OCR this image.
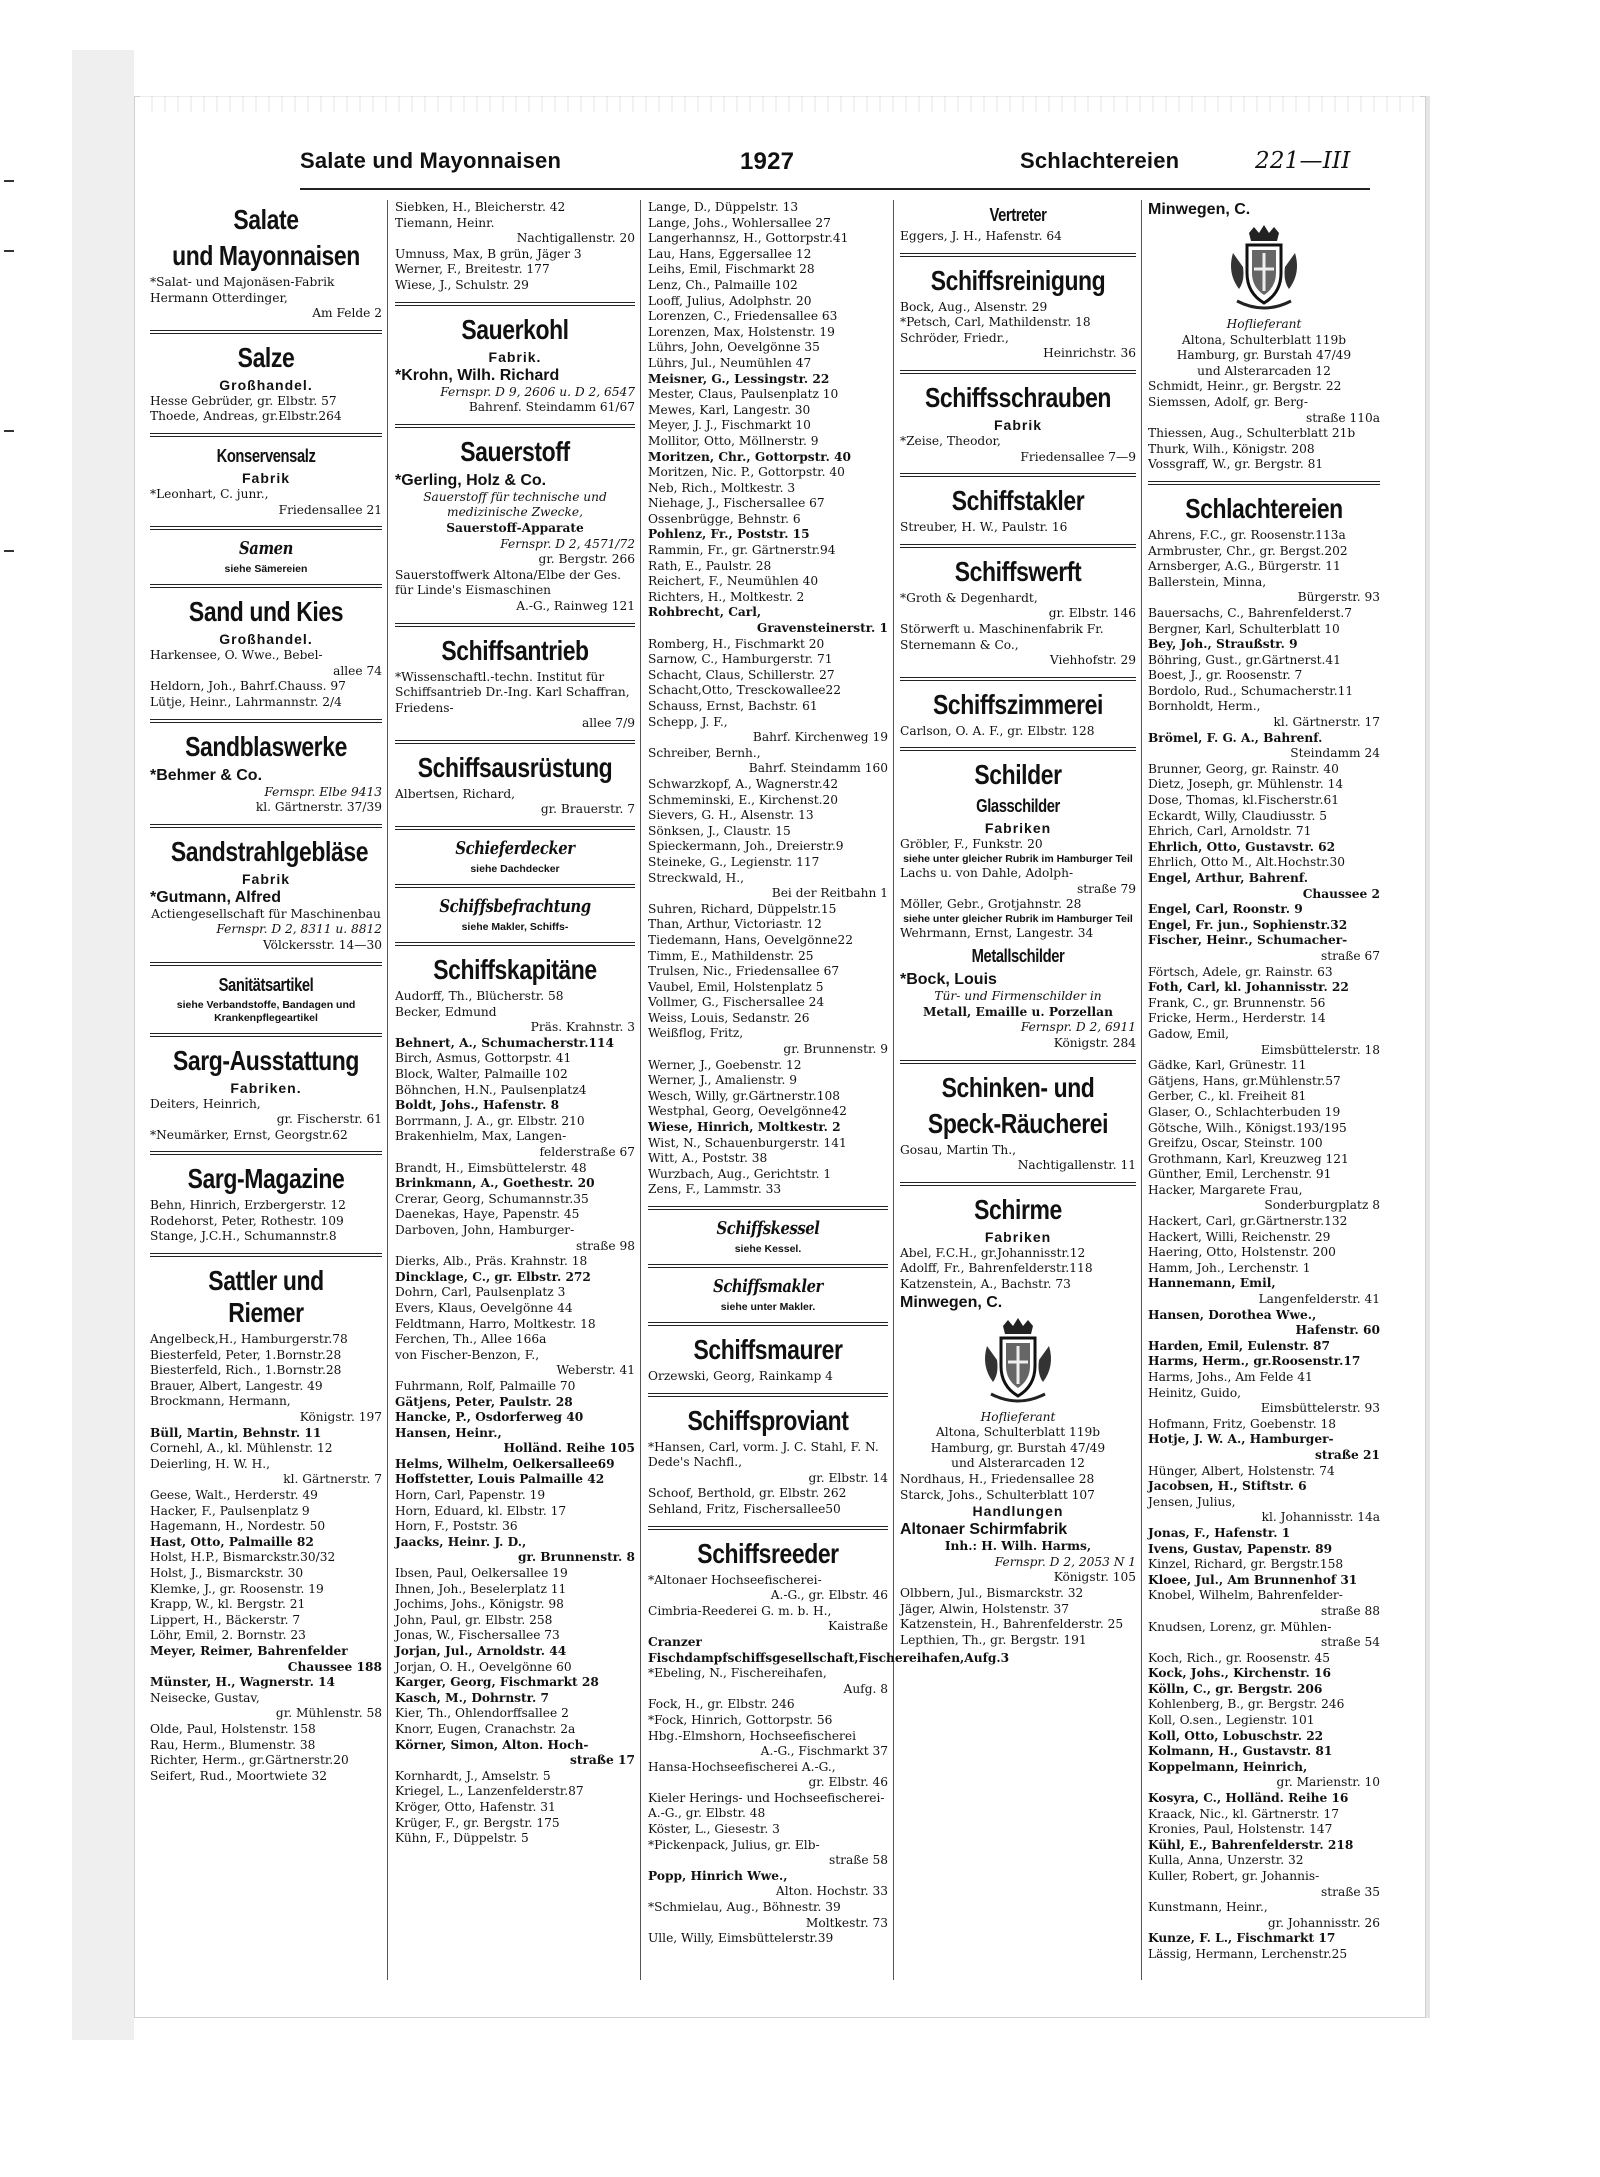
Salate und Mayonnaisen	1927	Schlachtereien	221—III
Salate
und Mayonnaisen
*Salat- und Majonäsen-Fabrik Hermann Otterdinger,
Am Felde 2
Salze
Großhandel.
Hesse Gebrüder, gr. Elbstr. 57
Thoede, Andreas, gr.Elbstr.264
Konservensalz
Fabrik
*Leonhart, C. junr.,
Friedensallee 21
Samen
siehe Sämereien
Sand und Kies
Großhandel.
Harkensee, O. Wwe., Bebel-
allee 74
Heldorn, Joh., Bahrf.Chauss. 97
Lütje, Heinr., Lahrmannstr. 2/4
Sandblaswerke
*Behmer & Co.
Fernspr. Elbe 9413
kl. Gärtnerstr. 37/39
Sandstrahlgebläse
Fabrik
*Gutmann, Alfred
Actiengesellschaft für Maschinenbau
Fernspr. D 2, 8311 u. 8812
Völckersstr. 14—30
Sanitätsartikel
siehe Verbandstoffe, Bandagen und Krankenpflegeartikel
Sarg-Ausstattung
Fabriken.
Deiters, Heinrich,
gr. Fischerstr. 61
*Neumärker, Ernst, Georgstr.62
Sarg-Magazine
Behn, Hinrich, Erzbergerstr. 12
Rodehorst, Peter, Rothestr. 109
Stange, J.C.H., Schumannstr.8
Sattler und Riemer
Angelbeck,H., Hamburgerstr.78
Biesterfeld, Peter, 1.Bornstr.28
Biesterfeld, Rich., 1.Bornstr.28
Brauer, Albert, Langestr. 49
Brockmann, Hermann,
Königstr. 197
Büll, Martin, Behnstr. 11
Cornehl, A., kl. Mühlenstr. 12
Deierling, H. W. H.,
kl. Gärtnerstr. 7
Geese, Walt., Herderstr. 49
Hacker, F., Paulsenplatz 9
Hagemann, H., Nordestr. 50
Hast, Otto, Palmaille 82
Holst, H.P., Bismarckstr.30/32
Holst, J., Bismarckstr. 30
Klemke, J., gr. Roosenstr. 19
Krapp, W., kl. Bergstr. 21
Lippert, H., Bäckerstr. 7
Löhr, Emil, 2. Bornstr. 23
Meyer, Reimer, Bahrenfelder
Chaussee 188
Münster, H., Wagnerstr. 14
Neisecke, Gustav,
gr. Mühlenstr. 58
Olde, Paul, Holstenstr. 158
Rau, Herm., Blumenstr. 38
Richter, Herm., gr.Gärtnerstr.20
Seifert, Rud., Moortwiete 32
Siebken, H., Bleicherstr. 42
Tiemann, Heinr.
Nachtigallenstr. 20
Umnuss, Max, B grün, Jäger 3
Werner, F., Breitestr. 177
Wiese, J., Schulstr. 29
Sauerkohl
Fabrik.
*Krohn, Wilh. Richard
Fernspr. D 9, 2606 u. D 2, 6547
Bahrenf. Steindamm 61/67
Sauerstoff
*Gerling, Holz & Co.
Sauerstoff für technische und medizinische Zwecke,
Sauerstoff-Apparate
Fernspr. D 2, 4571/72
gr. Bergstr. 266
Sauerstoffwerk Altona/Elbe der Ges. für Linde's Eismaschinen
A.-G., Rainweg 121
Schiffsantrieb
*Wissenschaftl.-techn. Institut für Schiffsantrieb Dr.-Ing. Karl Schaffran, Friedens-
allee 7/9
Schiffsausrüstung
Albertsen, Richard,
gr. Brauerstr. 7
Schieferdecker
siehe Dachdecker
Schiffsbefrachtung
siehe Makler, Schiffs-
Schiffskapitäne
Audorff, Th., Blücherstr. 58
Becker, Edmund
Präs. Krahnstr. 3
Behnert, A., Schumacherstr.114
Birch, Asmus, Gottorpstr. 41
Block, Walter, Palmaille 102
Böhnchen, H.N., Paulsenplatz4
Boldt, Johs., Hafenstr. 8
Borrmann, J. A., gr. Elbstr. 210
Brakenhielm, Max, Langen-
felderstraße 67
Brandt, H., Eimsbüttelerstr. 48
Brinkmann, A., Goethestr. 20
Crerar, Georg, Schumannstr.35
Daenekas, Haye, Papenstr. 45
Darboven, John, Hamburger-
straße 98
Dierks, Alb., Präs. Krahnstr. 18
Dincklage, C., gr. Elbstr. 272
Dohrn, Carl, Paulsenplatz 3
Evers, Klaus, Oevelgönne 44
Feldtmann, Harro, Moltkestr. 18
Ferchen, Th., Allee 166a
von Fischer-Benzon, F.,
Weberstr. 41
Fuhrmann, Rolf, Palmaille 70
Gätjens, Peter, Paulstr. 28
Hancke, P., Osdorferweg 40
Hansen, Heinr.,
Holländ. Reihe 105
Helms, Wilhelm, Oelkersallee69
Hoffstetter, Louis Palmaille 42
Horn, Carl, Papenstr. 19
Horn, Eduard, kl. Elbstr. 17
Horn, F., Poststr. 36
Jaacks, Heinr. J. D.,
gr. Brunnenstr. 8
Ibsen, Paul, Oelkersallee 19
Ihnen, Joh., Beselerplatz 11
Jochims, Johs., Königstr. 98
John, Paul, gr. Elbstr. 258
Jonas, W., Fischersallee 73
Jorjan, Jul., Arnoldstr. 44
Jorjan, O. H., Oevelgönne 60
Karger, Georg, Fischmarkt 28
Kasch, M., Dohrnstr. 7
Kier, Th., Ohlendorffsallee 2
Knorr, Eugen, Cranachstr. 2a
Körner, Simon, Alton. Hoch-
straße 17
Kornhardt, J., Amselstr. 5
Kriegel, L., Lanzenfelderstr.87
Kröger, Otto, Hafenstr. 31
Krüger, F., gr. Bergstr. 175
Kühn, F., Düppelstr. 5
Lange, D., Düppelstr. 13
Lange, Johs., Wohlersallee 27
Langerhannsz, H., Gottorpstr.41
Lau, Hans, Eggersallee 12
Leihs, Emil, Fischmarkt 28
Lenz, Ch., Palmaille 102
Looff, Julius, Adolphstr. 20
Lorenzen, C., Friedensallee 63
Lorenzen, Max, Holstenstr. 19
Lührs, John, Oevelgönne 35
Lührs, Jul., Neumühlen 47
Meisner, G., Lessingstr. 22
Mester, Claus, Paulsenplatz 10
Mewes, Karl, Langestr. 30
Meyer, J. J., Fischmarkt 10
Mollitor, Otto, Möllnerstr. 9
Moritzen, Chr., Gottorpstr. 40
Moritzen, Nic. P., Gottorpstr. 40
Neb, Rich., Moltkestr. 3
Niehage, J., Fischersallee 67
Ossenbrügge, Behnstr. 6
Pohlenz, Fr., Poststr. 15
Rammin, Fr., gr. Gärtnerstr.94
Rath, E., Paulstr. 28
Reichert, F., Neumühlen 40
Richters, H., Moltkestr. 2
Rohbrecht, Carl,
Gravensteinerstr. 1
Romberg, H., Fischmarkt 20
Sarnow, C., Hamburgerstr. 71
Schacht, Claus, Schillerstr. 27
Schacht,Otto, Tresckowallee22
Schauss, Ernst, Bachstr. 61
Schepp, J. F.,
Bahrf. Kirchenweg 19
Schreiber, Bernh.,
Bahrf. Steindamm 160
Schwarzkopf, A., Wagnerstr.42
Schmeminski, E., Kirchenst.20
Sievers, G. H., Alsenstr. 13
Sönksen, J., Claustr. 15
Spieckermann, Joh., Dreierstr.9
Steineke, G., Legienstr. 117
Streckwald, H.,
Bei der Reitbahn 1
Suhren, Richard, Düppelstr.15
Than, Arthur, Victoriastr. 12
Tiedemann, Hans, Oevelgönne22
Timm, E., Mathildenstr. 25
Trulsen, Nic., Friedensallee 67
Vaubel, Emil, Holstenplatz 5
Vollmer, G., Fischersallee 24
Weiss, Louis, Sedanstr. 26
Weißflog, Fritz,
gr. Brunnenstr. 9
Werner, J., Goebenstr. 12
Werner, J., Amalienstr. 9
Wesch, Willy, gr.Gärtnerstr.108
Westphal, Georg, Oevelgönne42
Wiese, Hinrich, Moltkestr. 2
Wist, N., Schauenburgerstr. 141
Witt, A., Poststr. 38
Wurzbach, Aug., Gerichtstr. 1
Zens, F., Lammstr. 33
Schiffskessel
siehe Kessel.
Schiffsmakler
siehe unter Makler.
Schiffsmaurer
Orzewski, Georg, Rainkamp 4
Schiffsproviant
*Hansen, Carl, vorm. J. C. Stahl, F. N. Dede's Nachfl.,
gr. Elbstr. 14
Schoof, Berthold, gr. Elbstr. 262
Sehland, Fritz, Fischersallee50
Schiffsreeder
*Altonaer Hochseefischerei-
A.-G., gr. Elbstr. 46
Cimbria-Reederei G. m. b. H.,
Kaistraße
Cranzer Fischdampfschiffsgesellschaft,Fischereihafen,Aufg.3
*Ebeling, N., Fischereihafen,
Aufg. 8
Fock, H., gr. Elbstr. 246
*Fock, Hinrich, Gottorpstr. 56
Hbg.-Elmshorn, Hochseefischerei
A.-G., Fischmarkt 37
Hansa-Hochseefischerei A.-G.,
gr. Elbstr. 46
Kieler Herings- und Hochseefischerei-A.-G., gr. Elbstr. 48
Köster, L., Giesestr. 3
*Pickenpack, Julius, gr. Elb-
straße 58
Popp, Hinrich Wwe.,
Alton. Hochstr. 33
*Schmielau, Aug., Böhnestr. 39
Moltkestr. 73
Ulle, Willy, Eimsbüttelerstr.39
Vertreter
Eggers, J. H., Hafenstr. 64
Schiffsreinigung
Bock, Aug., Alsenstr. 29
*Petsch, Carl, Mathildenstr. 18
Schröder, Friedr.,
Heinrichstr. 36
Schiffsschrauben
Fabrik
*Zeise, Theodor,
Friedensallee 7—9
Schiffstakler
Streuber, H. W., Paulstr. 16
Schiffswerft
*Groth & Degenhardt,
gr. Elbstr. 146
Störwerft u. Maschinenfabrik Fr. Sternemann & Co.,
Viehhofstr. 29
Schiffszimmerei
Carlson, O. A. F., gr. Elbstr. 128
Schilder
Glasschilder
Fabriken
Gröbler, F., Funkstr. 20
siehe unter gleicher Rubrik im Hamburger Teil
Lachs u. von Dahle, Adolph-
straße 79
Möller, Gebr., Grotjahnstr. 28
siehe unter gleicher Rubrik im Hamburger Teil
Wehrmann, Ernst, Langestr. 34
Metallschilder
*Bock, Louis
Tür- und Firmenschilder in
Metall, Emaille u. Porzellan
Fernspr. D 2, 6911
Königstr. 284
Schinken- und
Speck-Räucherei
Gosau, Martin Th.,
Nachtigallenstr. 11
Schirme
Fabriken
Abel, F.C.H., gr.Johannisstr.12
Adolff, Fr., Bahrenfelderstr.118
Katzenstein, A., Bachstr. 73
Minwegen, C.
Hoflieferant
Altona, Schulterblatt 119b
Hamburg, gr. Burstah 47/49
und Alsterarcaden 12
Nordhaus, H., Friedensallee 28
Starck, Johs., Schulterblatt 107
Handlungen
Altonaer Schirmfabrik
Inh.: H. Wilh. Harms,
Fernspr. D 2, 2053 N 1
Königstr. 105
Olbbern, Jul., Bismarckstr. 32
Jäger, Alwin, Holstenstr. 37
Katzenstein, H., Bahrenfelderstr. 25
Lepthien, Th., gr. Bergstr. 191
Minwegen, C.
Hoflieferant
Altona, Schulterblatt 119b
Hamburg, gr. Burstah 47/49
und Alsterarcaden 12
Schmidt, Heinr., gr. Bergstr. 22
Siemssen, Adolf, gr. Berg-
straße 110a
Thiessen, Aug., Schulterblatt 21b
Thurk, Wilh., Königstr. 208
Vossgraff, W., gr. Bergstr. 81
Schlachtereien
Ahrens, F.C., gr. Roosenstr.113a
Armbruster, Chr., gr. Bergst.202
Arnsberger, A.G., Bürgerstr. 11
Ballerstein, Minna,
Bürgerstr. 93
Bauersachs, C., Bahrenfelderst.7
Bergner, Karl, Schulterblatt 10
Bey, Joh., Straußstr. 9
Böhring, Gust., gr.Gärtnerst.41
Boest, J., gr. Roosenstr. 7
Bordolo, Rud., Schumacherstr.11
Bornholdt, Herm.,
kl. Gärtnerstr. 17
Brömel, F. G. A., Bahrenf.
Steindamm 24
Brunner, Georg, gr. Rainstr. 40
Dietz, Joseph, gr. Mühlenstr. 14
Dose, Thomas, kl.Fischerstr.61
Eckardt, Willy, Claudiusstr. 5
Ehrich, Carl, Arnoldstr. 71
Ehrlich, Otto, Gustavstr. 62
Ehrlich, Otto M., Alt.Hochstr.30
Engel, Arthur, Bahrenf.
Chaussee 2
Engel, Carl, Roonstr. 9
Engel, Fr. jun., Sophienstr.32
Fischer, Heinr., Schumacher-
straße 67
Förtsch, Adele, gr. Rainstr. 63
Foth, Carl, kl. Johannisstr. 22
Frank, C., gr. Brunnenstr. 56
Fricke, Herm., Herderstr. 14
Gadow, Emil,
Eimsbüttelerstr. 18
Gädke, Karl, Grünestr. 11
Gätjens, Hans, gr.Mühlenstr.57
Gerber, C., kl. Freiheit 81
Glaser, O., Schlachterbuden 19
Götsche, Wilh., Königst.193/195
Greifzu, Oscar, Steinstr. 100
Grothmann, Karl, Kreuzweg 121
Günther, Emil, Lerchenstr. 91
Hacker, Margarete Frau,
Sonderburgplatz 8
Hackert, Carl, gr.Gärtnerstr.132
Hackert, Willi, Reichenstr. 29
Haering, Otto, Holstenstr. 200
Hamm, Joh., Lerchenstr. 1
Hannemann, Emil,
Langenfelderstr. 41
Hansen, Dorothea Wwe.,
Hafenstr. 60
Harden, Emil, Eulenstr. 87
Harms, Herm., gr.Roosenstr.17
Harms, Johs., Am Felde 41
Heinitz, Guido,
Eimsbüttelerstr. 93
Hofmann, Fritz, Goebenstr. 18
Hotje, J. W. A., Hamburger-
straße 21
Hünger, Albert, Holstenstr. 74
Jacobsen, H., Stiftstr. 6
Jensen, Julius,
kl. Johannisstr. 14a
Jonas, F., Hafenstr. 1
Ivens, Gustav, Papenstr. 89
Kinzel, Richard, gr. Bergstr.158
Kloee, Jul., Am Brunnenhof 31
Knobel, Wilhelm, Bahrenfelder-
straße 88
Knudsen, Lorenz, gr. Mühlen-
straße 54
Koch, Rich., gr. Roosenstr. 45
Kock, Johs., Kirchenstr. 16
Kölln, C., gr. Bergstr. 206
Kohlenberg, B., gr. Bergstr. 246
Koll, O.sen., Legienstr. 101
Koll, Otto, Lobuschstr. 22
Kolmann, H., Gustavstr. 81
Koppelmann, Heinrich,
gr. Marienstr. 10
Kosyra, C., Holländ. Reihe 16
Kraack, Nic., kl. Gärtnerstr. 17
Kronies, Paul, Holstenstr. 147
Kühl, E., Bahrenfelderstr. 218
Kulla, Anna, Unzerstr. 32
Kuller, Robert, gr. Johannis-
straße 35
Kunstmann, Heinr.,
gr. Johannisstr. 26
Kunze, F. L., Fischmarkt 17
Lässig, Hermann, Lerchenstr.25
